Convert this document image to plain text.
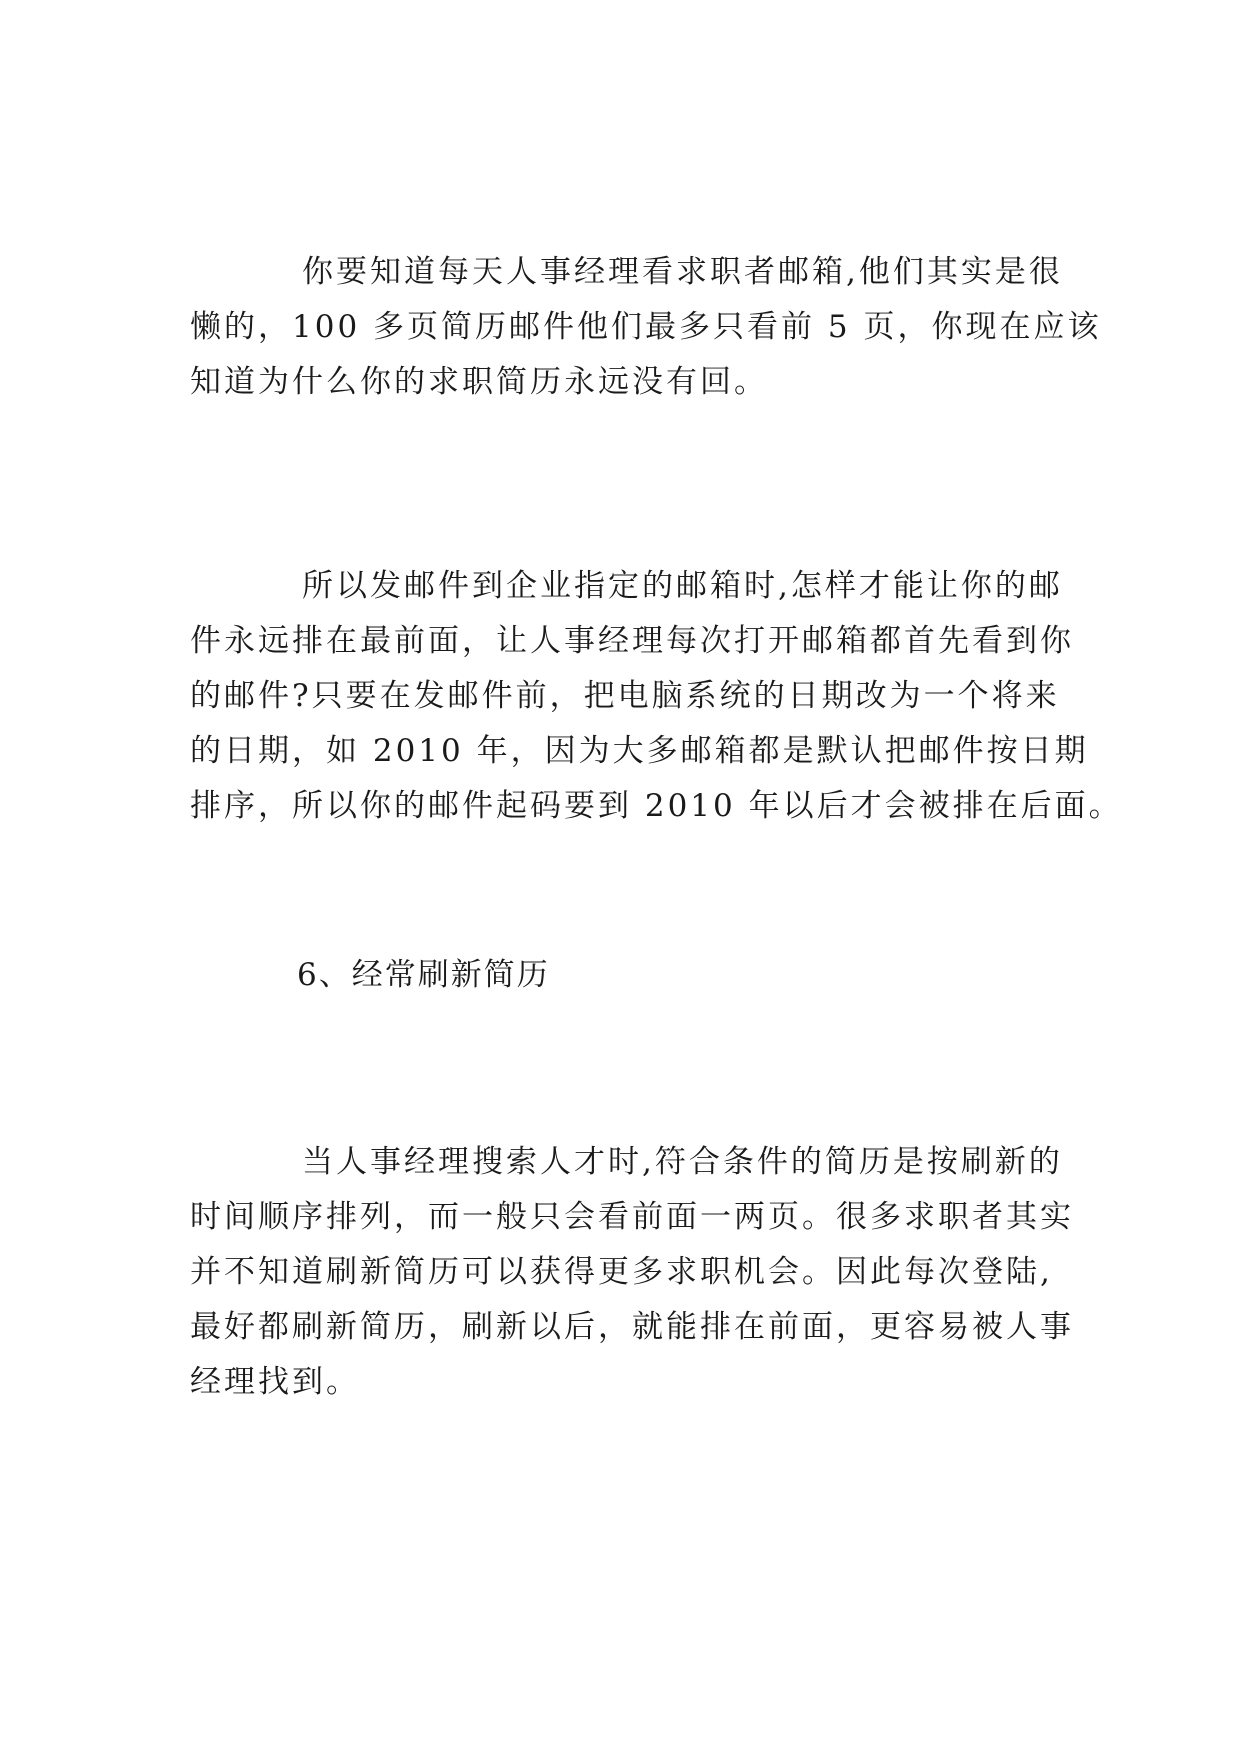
你要知道每天人事经理看求职者邮箱,他们其实是很
懒的，100 多页简历邮件他们最多只看前 5 页，你现在应该
知道为什么你的求职简历永远没有回。
所以发邮件到企业指定的邮箱时,怎样才能让你的邮
件永远排在最前面，让人事经理每次打开邮箱都首先看到你
的邮件?只要在发邮件前，把电脑系统的日期改为一个将来
的日期，如 2010 年，因为大多邮箱都是默认把邮件按日期
排序，所以你的邮件起码要到 2010 年以后才会被排在后面。
6、经常刷新简历
当人事经理搜索人才时,符合条件的简历是按刷新的
时间顺序排列，而一般只会看前面一两页。很多求职者其实
并不知道刷新简历可以获得更多求职机会。因此每次登陆,
最好都刷新简历，刷新以后，就能排在前面，更容易被人事
经理找到。
